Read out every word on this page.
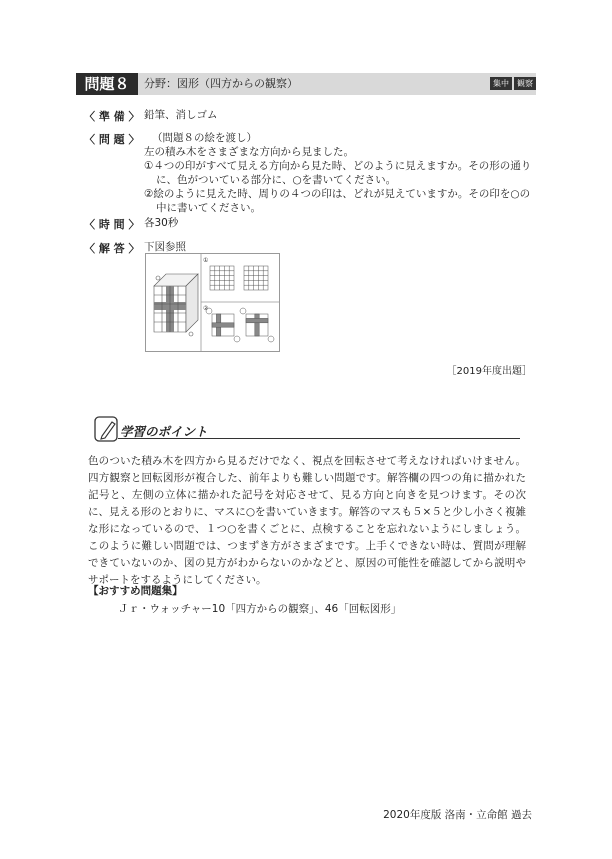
問題８	分野：図形（四方からの観察）	集中	観察
〈 準 備 〉 鉛筆、消しゴム
〈 問 題 〉	（問題８の絵を渡し）
左の積み木をさまざまな方向から見ました。
①４つの印がすべて見える方向から見た時、どのように見えますか。その形の通りに、色がついている部分に、○を書いてください。
②絵のように見えた時、周りの４つの印は、どれが見えていますか。その印を○の中に書いてください。
〈 時 間 〉 各30秒
〈 解 答 〉 下図参照
①
②
［2019年度出題］
学習のポイント
色のついた積み木を四方から見るだけでなく、視点を回転させて考えなければいけません。四方観察と回転図形が複合した、前年よりも難しい問題です。解答欄の四つの角に描かれた記号と、左側の立体に描かれた記号を対応させて、見る方向と向きを見つけます。その次に、見える形のとおりに、マスに○を書いていきます。解答のマスも５×５と少し小さく複雑な形になっているので、１つ○を書くごとに、点検することを忘れないようにしましょう。このように難しい問題では、つまずき方がさまざまです。上手くできない時は、質問が理解できていないのか、図の見方がわからないのかなどと、原因の可能性を確認してから説明やサポートをするようにしてください。
【おすすめ問題集】
Ｊｒ・ウォッチャー10「四方からの観察」、46「回転図形」
2020年度版 洛南・立命館 過去
